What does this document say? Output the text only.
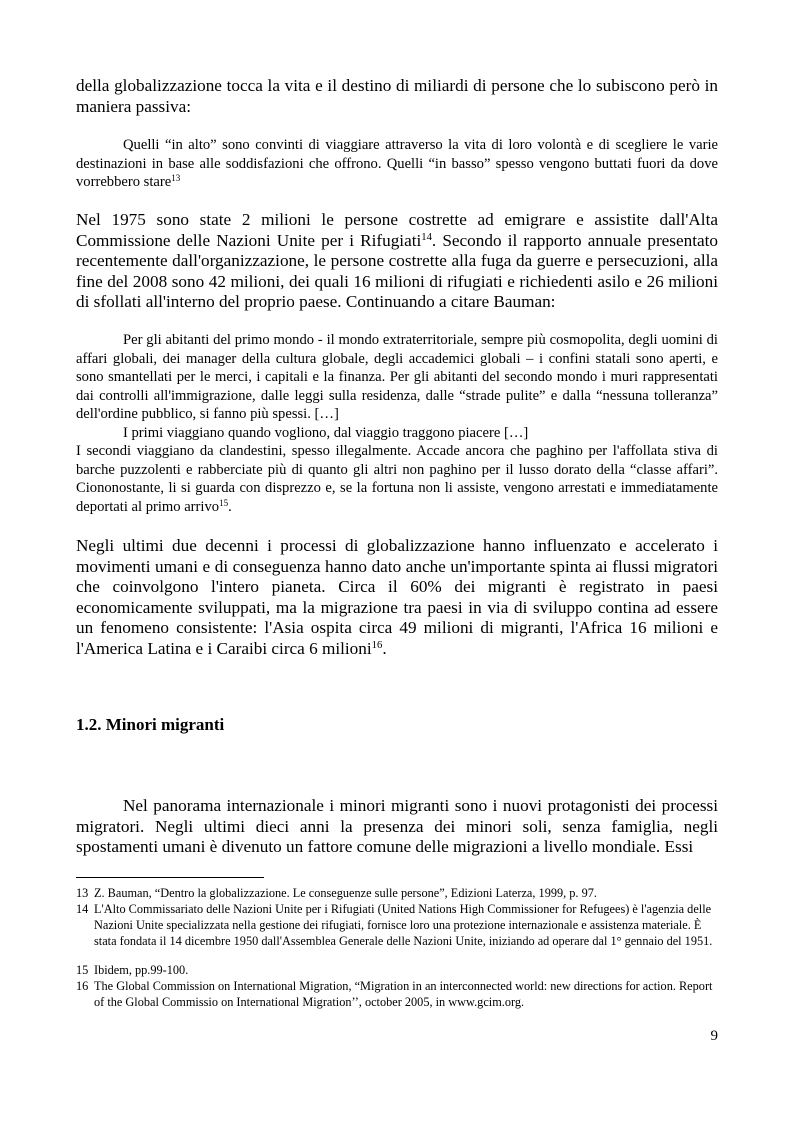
della globalizzazione tocca la vita e il destino di miliardi di persone che lo subiscono però in maniera passiva:

Quelli “in alto” sono convinti di viaggiare attraverso la vita di loro volontà e di scegliere le varie destinazioni in base alle soddisfazioni che offrono. Quelli “in basso” spesso vengono buttati fuori da dove vorrebbero stare$^{13}$

Nel 1975 sono state 2 milioni le persone costrette ad emigrare e assistite dall'Alta Commissione delle Nazioni Unite per i Rifugiati$^{14}$. Secondo il rapporto annuale presentato recentemente dall'organizzazione, le persone costrette alla fuga da guerre e persecuzioni, alla fine del 2008 sono 42 milioni, dei quali 16 milioni di rifugiati e richiedenti asilo e 26 milioni di sfollati all'interno del proprio paese. Continuando a citare Bauman:

Per gli abitanti del primo mondo - il mondo extraterritoriale, sempre più cosmopolita, degli uomini di affari globali, dei manager della cultura globale, degli accademici globali – i confini statali sono aperti, e sono smantellati per le merci, i capitali e la finanza. Per gli abitanti del secondo mondo i muri rappresentati dai controlli all'immigrazione, dalle leggi sulla residenza, dalle “strade pulite” e dalla “nessuna tolleranza” dell'ordine pubblico, si fanno più spessi. […]

I primi viaggiano quando vogliono, dal viaggio traggono piacere […]

I secondi viaggiano da clandestini, spesso illegalmente. Accade ancora che paghino per l'affollata stiva di barche puzzolenti e rabberciate più di quanto gli altri non paghino per il lusso dorato della “classe affari”. Ciononostante, li si guarda con disprezzo e, se la fortuna non li assiste, vengono arrestati e immediatamente deportati al primo arrivo$^{15}$.

Negli ultimi due decenni i processi di globalizzazione hanno influenzato e accelerato i movimenti umani e di conseguenza hanno dato anche un'importante spinta ai flussi migratori che coinvolgono l'intero pianeta. Circa il 60% dei migranti è registrato in paesi economicamente sviluppati, ma la migrazione tra paesi in via di sviluppo contina ad essere un fenomeno consistente: l'Asia ospita circa 49 milioni di migranti, l'Africa 16 milioni e l'America Latina e i Caraibi circa 6 milioni$^{16}$.

1.2. Minori migranti

Nel panorama internazionale i minori migranti sono i nuovi protagonisti dei processi migratori. Negli ultimi dieci anni la presenza dei minori soli, senza famiglia, negli spostamenti umani è divenuto un fattore comune delle migrazioni a livello mondiale. Essi

13 Z. Bauman, “Dentro la globalizzazione. Le conseguenze sulle persone”, Edizioni Laterza, 1999, p. 97.
14 L'Alto Commissariato delle Nazioni Unite per i Rifugiati (United Nations High Commissioner for Refugees) è l'agenzia delle Nazioni Unite specializzata nella gestione dei rifugiati, fornisce loro una protezione internazionale e assistenza materiale. È stata fondata il 14 dicembre 1950 dall'Assemblea Generale delle Nazioni Unite, iniziando ad operare dal 1° gennaio del 1951.
15 Ibidem, pp.99-100.
16 The Global Commission on International Migration, “Migration in an interconnected world: new directions for action. Report of the Global Commissio on International Migration’’, october 2005, in www.gcim.org.
9
